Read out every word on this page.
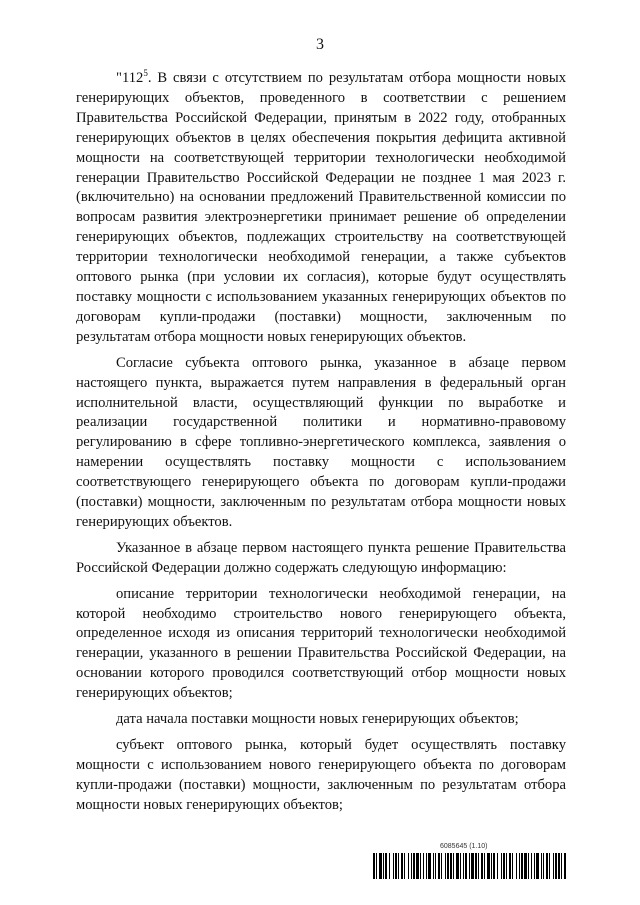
3

"$112^5$. В связи с отсутствием по результатам отбора мощности новых генерирующих объектов, проведенного в соответствии с решением Правительства Российской Федерации, принятым в 2022 году, отобранных генерирующих объектов в целях обеспечения покрытия дефицита активной мощности на соответствующей территории технологически необходимой генерации Правительство Российской Федерации не позднее 1 мая 2023 г. (включительно) на основании предложений Правительственной комиссии по вопросам развития электроэнергетики принимает решение об определении генерирующих объектов, подлежащих строительству на соответствующей территории технологически необходимой генерации, а также субъектов оптового рынка (при условии их согласия), которые будут осуществлять поставку мощности с использованием указанных генерирующих объектов по договорам купли-продажи (поставки) мощности, заключенным по результатам отбора мощности новых генерирующих объектов.

Согласие субъекта оптового рынка, указанное в абзаце первом настоящего пункта, выражается путем направления в федеральный орган исполнительной власти, осуществляющий функции по выработке и реализации государственной политики и нормативно-правовому регулированию в сфере топливно-энергетического комплекса, заявления о намерении осуществлять поставку мощности с использованием соответствующего генерирующего объекта по договорам купли-продажи (поставки) мощности, заключенным по результатам отбора мощности новых генерирующих объектов.

Указанное в абзаце первом настоящего пункта решение Правительства Российской Федерации должно содержать следующую информацию:

описание территории технологически необходимой генерации, на которой необходимо строительство нового генерирующего объекта, определенное исходя из описания территорий технологически необходимой генерации, указанного в решении Правительства Российской Федерации, на основании которого проводился соответствующий отбор мощности новых генерирующих объектов;

дата начала поставки мощности новых генерирующих объектов;

субъект оптового рынка, который будет осуществлять поставку мощности с использованием нового генерирующего объекта по договорам купли-продажи (поставки) мощности, заключенным по результатам отбора мощности новых генерирующих объектов;

6085645 (1.10)
